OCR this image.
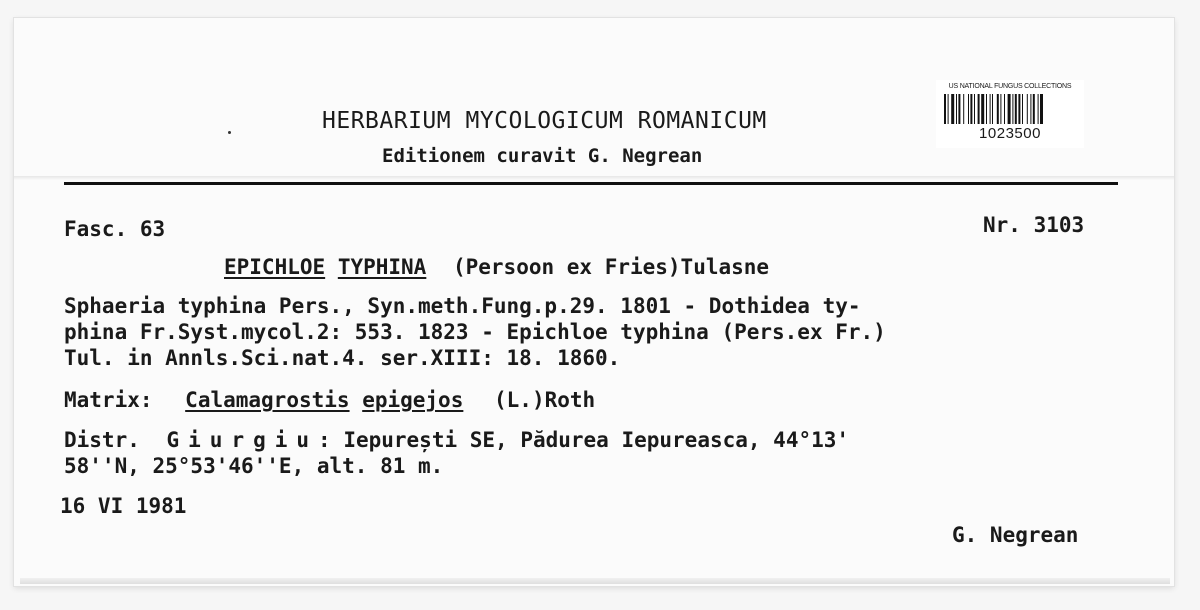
HERBARIUM MYCOLOGICUM ROMANICUM
Editionem curavit G. Negrean
US NATIONAL FUNGUS COLLECTIONS
1023500
Fasc. 63	Nr. 3103
EPICHLOE TYPHINA (Persoon ex Fries)Tulasne
Sphaeria typhina Pers., Syn.meth.Fung.p.29. 1801 - Dothidea ty-
phina Fr.Syst.mycol.2: 553. 1823 - Epichloe typhina (Pers.ex Fr.)
Tul. in Annls.Sci.nat.4. ser.XIII: 18. 1860.
Matrix: Calamagrostis epigejos (L.)Roth
Distr. Giurgiu: Iepurești SE, Pădurea Iepureasca, 44°13'
58''N, 25°53'46''E, alt. 81 m.
16 VI 1981
G. Negrean
